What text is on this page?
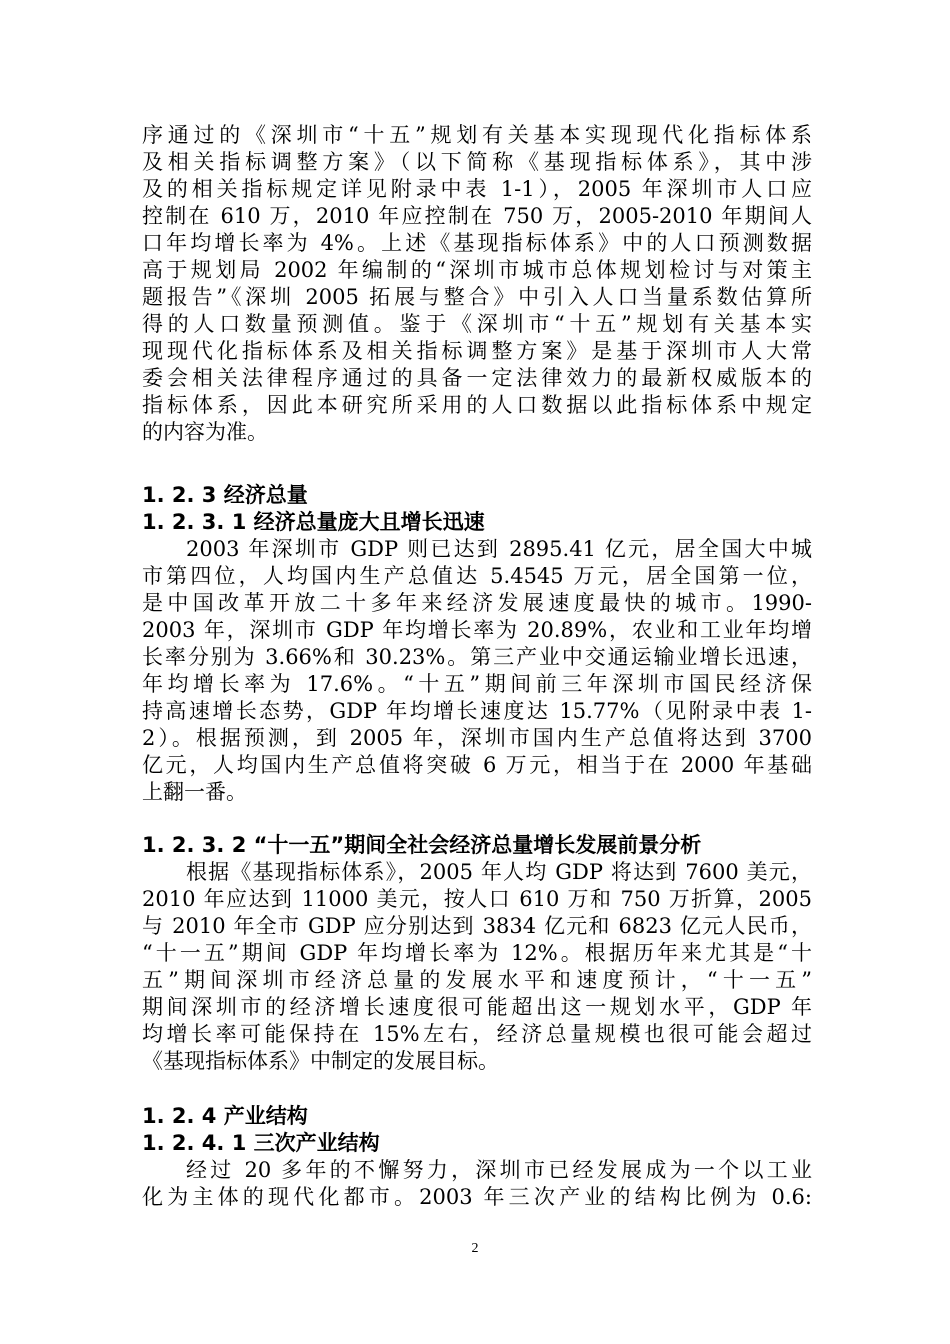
序通过的《深圳市“十五”规划有关基本实现现代化指标体系
及相关指标调整方案》（以下简称《基现指标体系》，其中涉
及的相关指标规定详见附录中表 1-1），2005 年深圳市人口应
控制在 610 万，2010 年应控制在 750 万，2005-2010 年期间人
口年均增长率为 4%。上述《基现指标体系》中的人口预测数据
高于规划局 2002 年编制的“深圳市城市总体规划检讨与对策主
题报告”《深圳 2005 拓展与整合》中引入人口当量系数估算所
得的人口数量预测值。鉴于《深圳市“十五”规划有关基本实
现现代化指标体系及相关指标调整方案》是基于深圳市人大常
委会相关法律程序通过的具备一定法律效力的最新权威版本的
指标体系，因此本研究所采用的人口数据以此指标体系中规定
的内容为准。
1. 2. 3 经济总量
1. 2. 3. 1 经济总量庞大且增长迅速
2003 年深圳市 GDP 则已达到 2895.41 亿元，居全国大中城
市第四位，人均国内生产总值达 5.4545 万元，居全国第一位，
是中国改革开放二十多年来经济发展速度最快的城市。1990-
2003 年，深圳市 GDP 年均增长率为 20.89%，农业和工业年均增
长率分别为 3.66%和 30.23%。第三产业中交通运输业增长迅速，
年均增长率为 17.6%。“十五”期间前三年深圳市国民经济保
持高速增长态势，GDP 年均增长速度达 15.77%（见附录中表 1-
2）。根据预测，到 2005 年，深圳市国内生产总值将达到 3700
亿元，人均国内生产总值将突破 6 万元，相当于在 2000 年基础
上翻一番。
1. 2. 3. 2 “十一五”期间全社会经济总量增长发展前景分析
根据《基现指标体系》，2005 年人均 GDP 将达到 7600 美元，
2010 年应达到 11000 美元，按人口 610 万和 750 万折算，2005
与 2010 年全市 GDP 应分别达到 3834 亿元和 6823 亿元人民币，
“十一五”期间 GDP 年均增长率为 12%。根据历年来尤其是“十
五”期间深圳市经济总量的发展水平和速度预计，“十一五”
期间深圳市的经济增长速度很可能超出这一规划水平，GDP 年
均增长率可能保持在 15%左右，经济总量规模也很可能会超过
《基现指标体系》中制定的发展目标。
1. 2. 4 产业结构
1. 2. 4. 1 三次产业结构
经过 20 多年的不懈努力，深圳市已经发展成为一个以工业
化为主体的现代化都市。2003 年三次产业的结构比例为 0.6:
2
